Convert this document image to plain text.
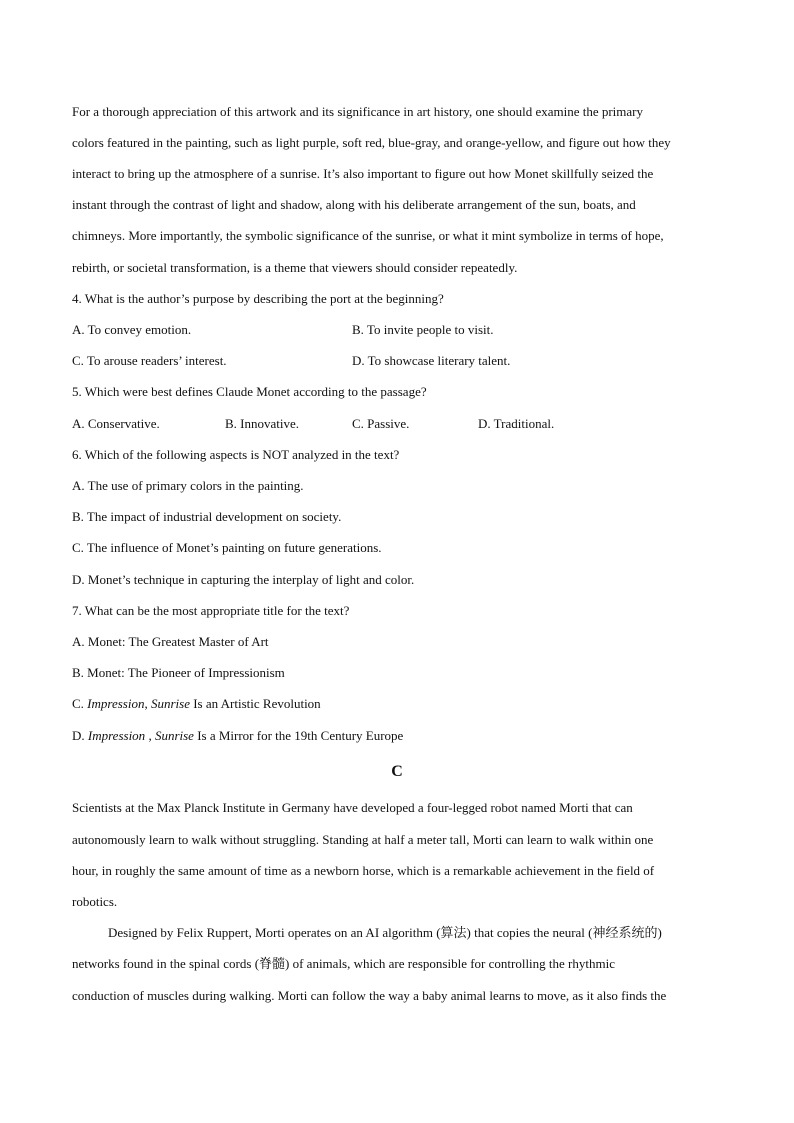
For a thorough appreciation of this artwork and its significance in art history, one should examine the primary
colors featured in the painting, such as light purple, soft red, blue-gray, and orange-yellow, and figure out how they
interact to bring up the atmosphere of a sunrise. It’s also important to figure out how Monet skillfully seized the
instant through the contrast of light and shadow, along with his deliberate arrangement of the sun, boats, and
chimneys. More importantly, the symbolic significance of the sunrise, or what it mint symbolize in terms of hope,
rebirth, or societal transformation, is a theme that viewers should consider repeatedly.
4. What is the author’s purpose by describing the port at the beginning?
A. To convey emotion.	B. To invite people to visit.
C. To arouse readers’ interest.	D. To showcase literary talent.
5. Which were best defines Claude Monet according to the passage?
A. Conservative.	B. Innovative.	C. Passive.	D. Traditional.
6. Which of the following aspects is NOT analyzed in the text?
A. The use of primary colors in the painting.
B. The impact of industrial development on society.
C. The influence of Monet’s painting on future generations.
D. Monet’s technique in capturing the interplay of light and color.
7. What can be the most appropriate title for the text?
A. Monet: The Greatest Master of Art
B. Monet: The Pioneer of Impressionism
C. Impression, Sunrise Is an Artistic Revolution
D. Impression , Sunrise Is a Mirror for the 19th Century Europe
C
Scientists at the Max Planck Institute in Germany have developed a four-legged robot named Morti that can
autonomously learn to walk without struggling. Standing at half a meter tall, Morti can learn to walk within one
hour, in roughly the same amount of time as a newborn horse, which is a remarkable achievement in the field of
robotics.
Designed by Felix Ruppert, Morti operates on an AI algorithm (算法) that copies the neural (神经系统的)
networks found in the spinal cords (脊髓) of animals, which are responsible for controlling the rhythmic
conduction of muscles during walking. Morti can follow the way a baby animal learns to move, as it also finds the
